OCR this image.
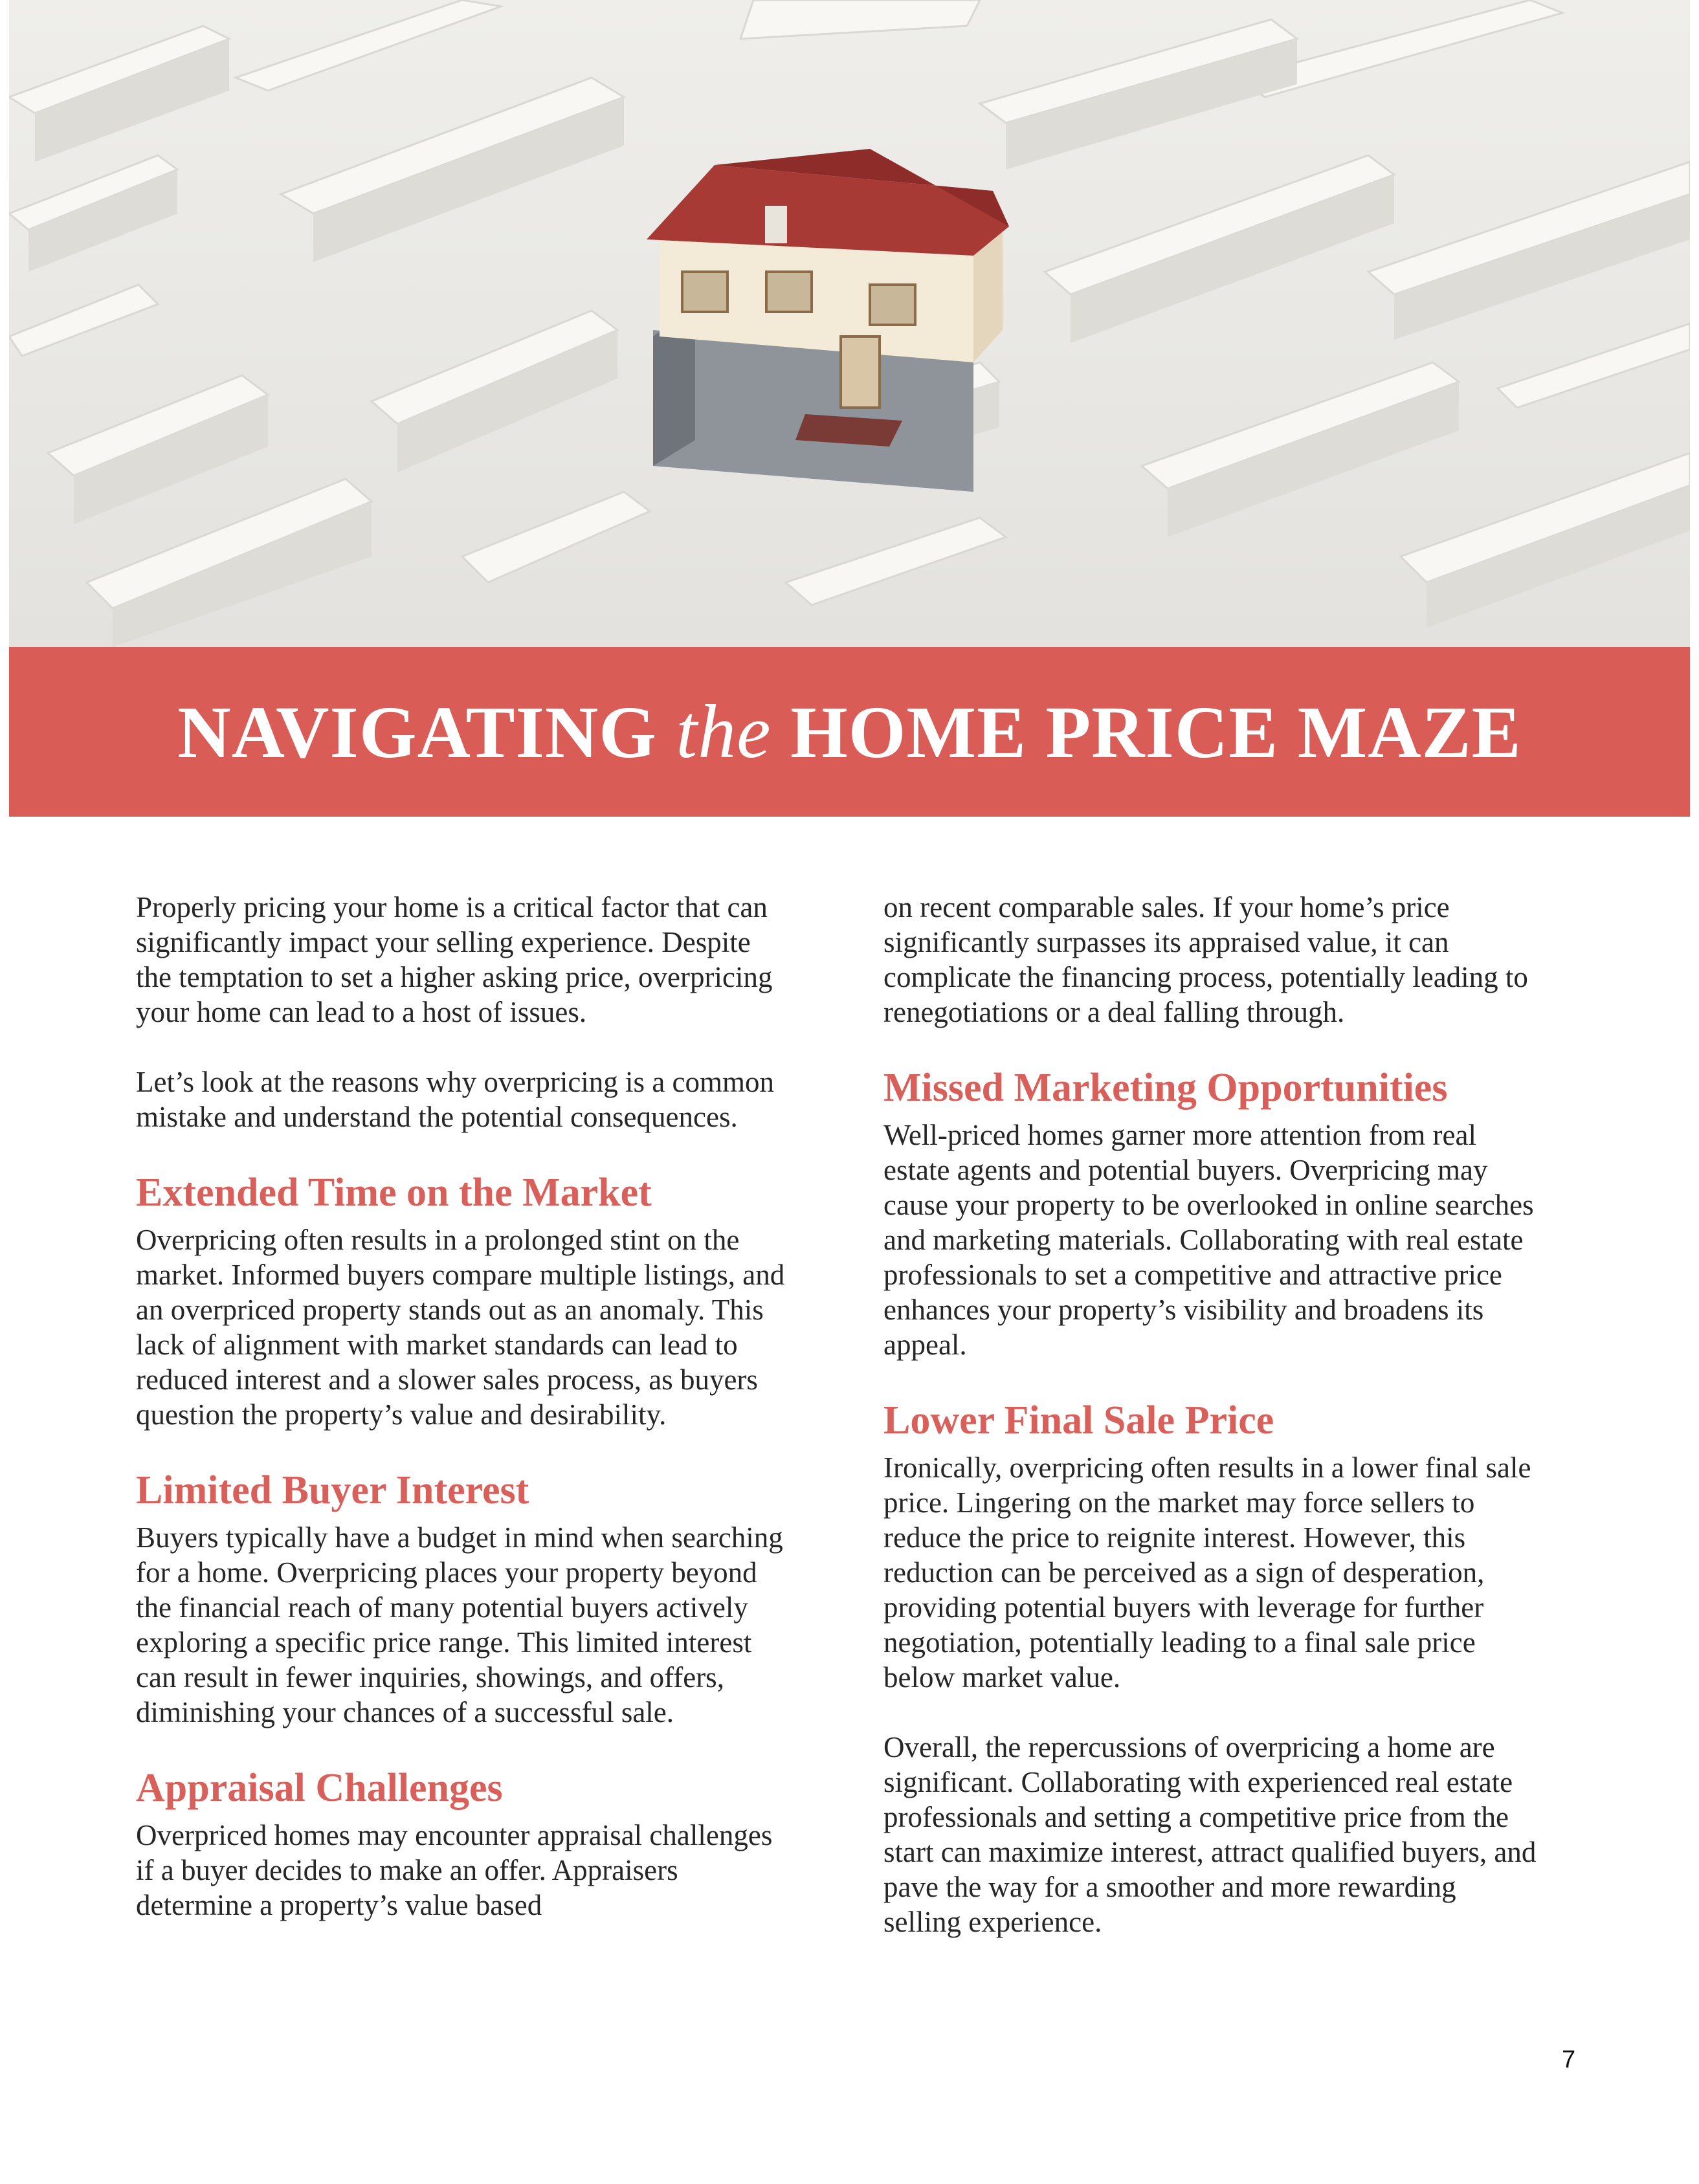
NAVIGATING the HOME PRICE MAZE

Properly pricing your home is a critical factor that can significantly impact your selling experience. Despite the temptation to set a higher asking price, overpricing your home can lead to a host of issues.

Let’s look at the reasons why overpricing is a common mistake and understand the potential consequences.

Extended Time on the Market

Overpricing often results in a prolonged stint on the market. Informed buyers compare multiple listings, and an overpriced property stands out as an anomaly. This lack of alignment with market standards can lead to reduced interest and a slower sales process, as buyers question the property’s value and desirability.

Limited Buyer Interest

Buyers typically have a budget in mind when searching for a home. Overpricing places your property beyond the financial reach of many potential buyers actively exploring a specific price range. This limited interest can result in fewer inquiries, showings, and offers, diminishing your chances of a successful sale.

Appraisal Challenges

Overpriced homes may encounter appraisal challenges if a buyer decides to make an offer. Appraisers determine a property’s value based

on recent comparable sales. If your home’s price significantly surpasses its appraised value, it can complicate the financing process, potentially leading to renegotiations or a deal falling through.

Missed Marketing Opportunities

Well-priced homes garner more attention from real estate agents and potential buyers. Overpricing may cause your property to be overlooked in online searches and marketing materials. Collaborating with real estate professionals to set a competitive and attractive price enhances your property’s visibility and broadens its appeal.

Lower Final Sale Price

Ironically, overpricing often results in a lower final sale price. Lingering on the market may force sellers to reduce the price to reignite interest. However, this reduction can be perceived as a sign of desperation, providing potential buyers with leverage for further negotiation, potentially leading to a final sale price below market value.

Overall, the repercussions of overpricing a home are significant. Collaborating with experienced real estate professionals and setting a competitive price from the start can maximize interest, attract qualified buyers, and pave the way for a smoother and more rewarding selling experience.

7
